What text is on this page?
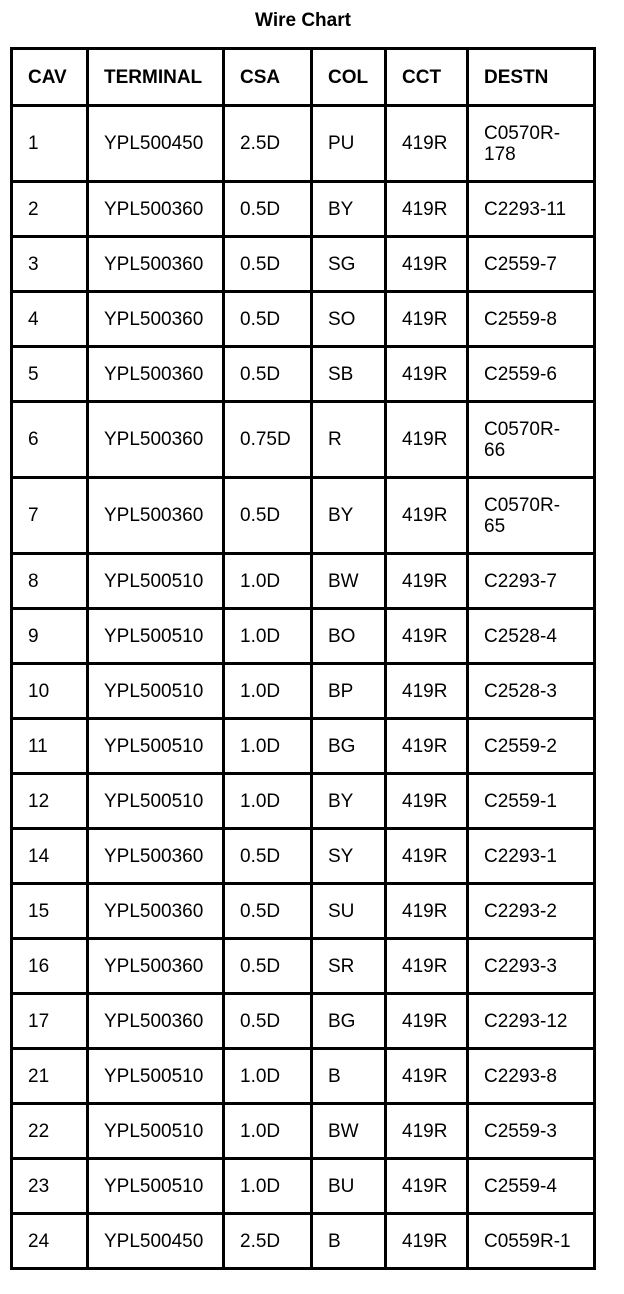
Wire Chart
CAV	TERMINAL	CSA	COL	CCT	DESTN
1	YPL500450	2.5D	PU	419R	C0570R-
178

2	YPL500360	0.5D	BY	419R	C2293-11

3	YPL500360	0.5D	SG	419R	C2559-7

4	YPL500360	0.5D	SO	419R	C2559-8

5	YPL500360	0.5D	SB	419R	C2559-6

6	YPL500360	0.75D	R	419R	C0570R-
66

7	YPL500360	0.5D	BY	419R	C0570R-
65

8	YPL500510	1.0D	BW	419R	C2293-7

9	YPL500510	1.0D	BO	419R	C2528-4

10	YPL500510	1.0D	BP	419R	C2528-3

11	YPL500510	1.0D	BG	419R	C2559-2

12	YPL500510	1.0D	BY	419R	C2559-1

14	YPL500360	0.5D	SY	419R	C2293-1

15	YPL500360	0.5D	SU	419R	C2293-2

16	YPL500360	0.5D	SR	419R	C2293-3

17	YPL500360	0.5D	BG	419R	C2293-12

21	YPL500510	1.0D	B	419R	C2293-8

22	YPL500510	1.0D	BW	419R	C2559-3

23	YPL500510	1.0D	BU	419R	C2559-4

24	YPL500450	2.5D	B	419R	C0559R-1
